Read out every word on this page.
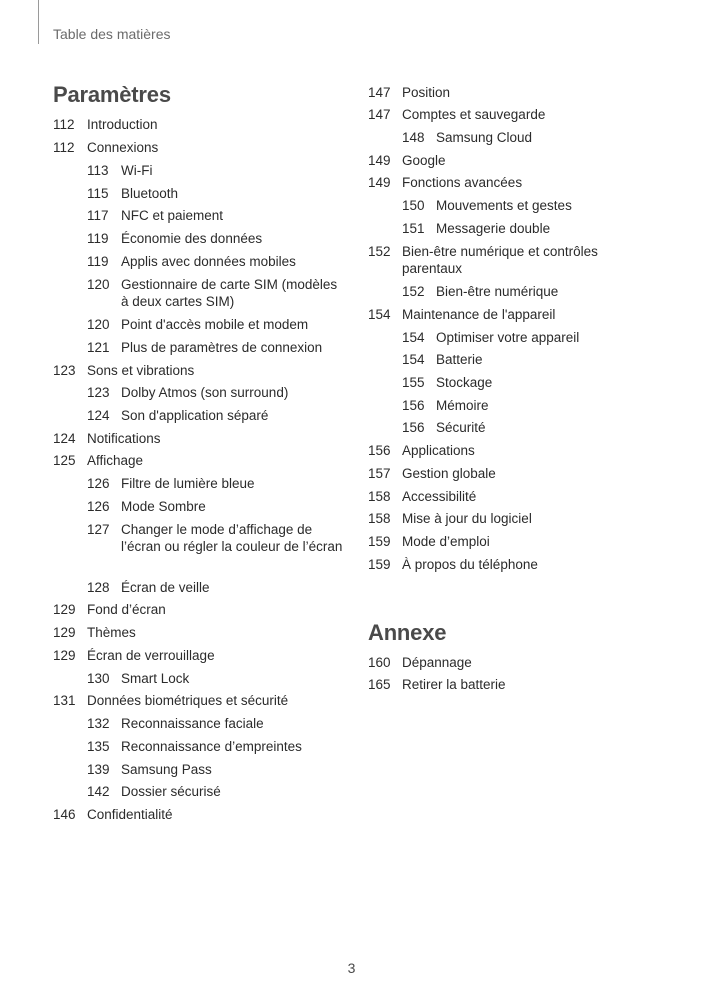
Table des matières
Paramètres
112 Introduction
112 Connexions
113 Wi-Fi
115 Bluetooth
117 NFC et paiement
119 Économie des données
119 Applis avec données mobiles
120 Gestionnaire de carte SIM (modèles à deux cartes SIM)
120 Point d'accès mobile et modem
121 Plus de paramètres de connexion
123 Sons et vibrations
123 Dolby Atmos (son surround)
124 Son d'application séparé
124 Notifications
125 Affichage
126 Filtre de lumière bleue
126 Mode Sombre
127 Changer le mode d’affichage de l’écran ou régler la couleur de l’écran
128 Écran de veille
129 Fond d’écran
129 Thèmes
129 Écran de verrouillage
130 Smart Lock
131 Données biométriques et sécurité
132 Reconnaissance faciale
135 Reconnaissance d’empreintes
139 Samsung Pass
142 Dossier sécurisé
146 Confidentialité
147 Position
147 Comptes et sauvegarde
148 Samsung Cloud
149 Google
149 Fonctions avancées
150 Mouvements et gestes
151 Messagerie double
152 Bien-être numérique et contrôles parentaux
152 Bien-être numérique
154 Maintenance de l'appareil
154 Optimiser votre appareil
154 Batterie
155 Stockage
156 Mémoire
156 Sécurité
156 Applications
157 Gestion globale
158 Accessibilité
158 Mise à jour du logiciel
159 Mode d’emploi
159 À propos du téléphone
Annexe
160 Dépannage
165 Retirer la batterie
3
